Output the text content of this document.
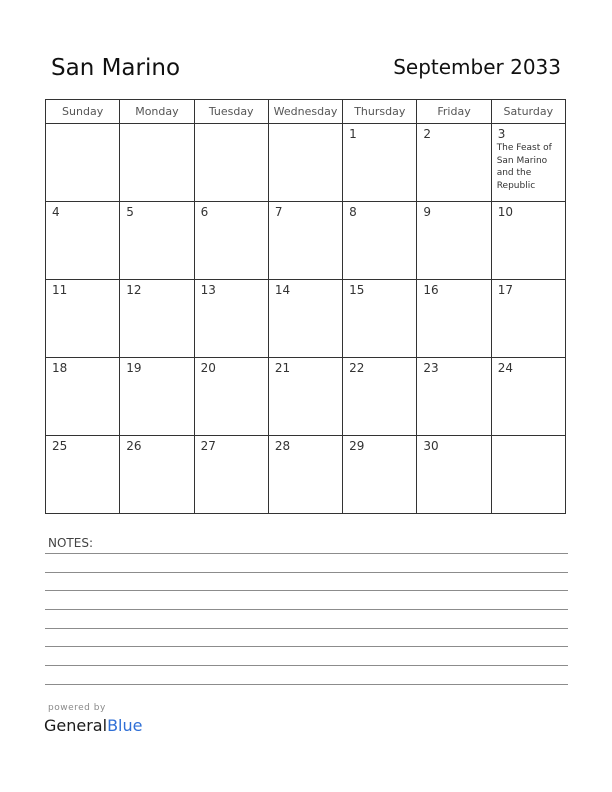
San Marino	September 2033
Sunday	Monday	Tuesday	Wednesday	Thursday	Friday	Saturday

				1	2	3
The Feast of San Marino and the Republic

4	5	6	7	8	9	10

11	12	13	14	15	16	17

18	19	20	21	22	23	24

25	26	27	28	29	30	

NOTES:
powered by
GeneralBlue
